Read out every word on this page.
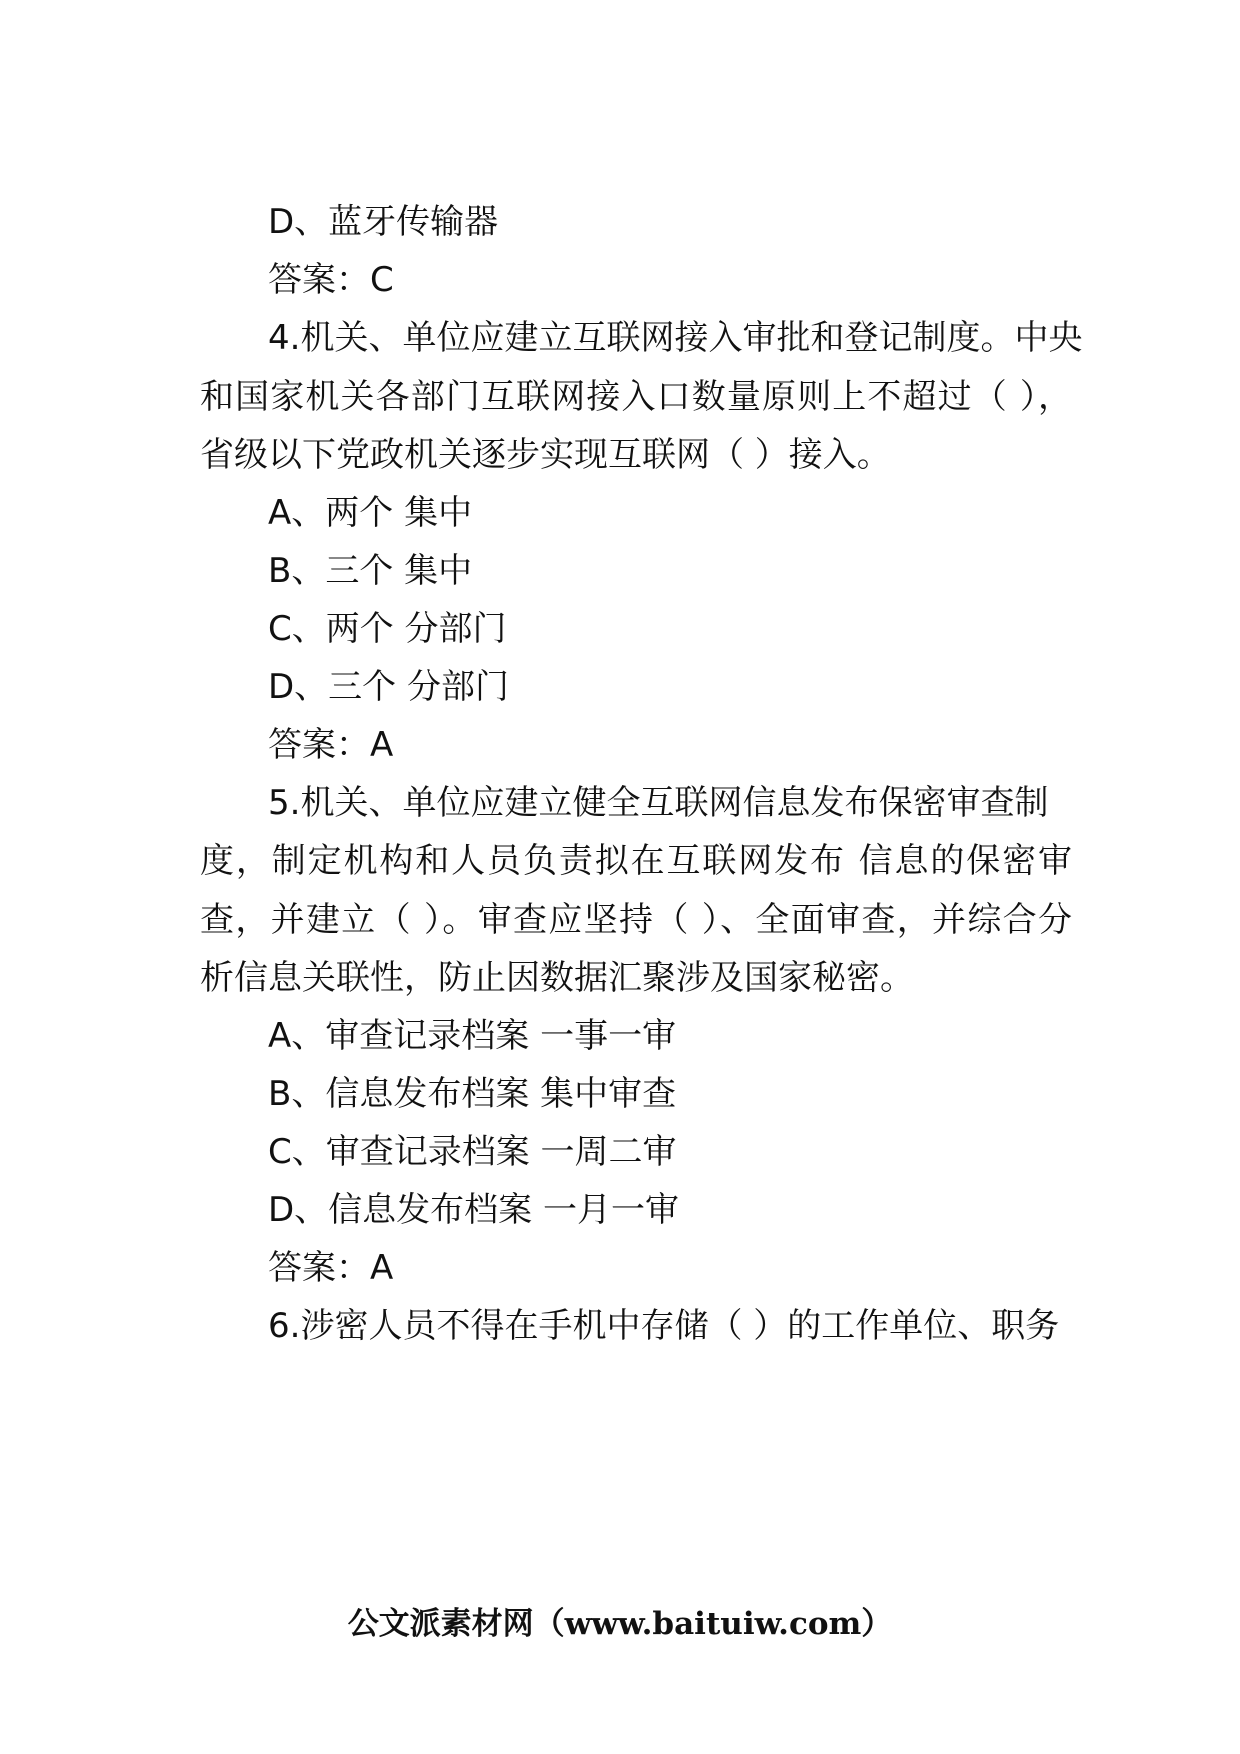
D、蓝牙传输器
答案：C
4.机关、单位应建立互联网接入审批和登记制度。中央
和国家机关各部门互联网接入口数量原则上不超过（ ），
省级以下党政机关逐步实现互联网（ ）接入。
A、两个 集中
B、三个 集中
C、两个 分部门
D、三个 分部门
答案：A
5.机关、单位应建立健全互联网信息发布保密审查制
度，制定机构和人员负责拟在互联网发布 信息的保密审
查，并建立（ ）。审查应坚持（ ）、全面审查，并综合分
析信息关联性，防止因数据汇聚涉及国家秘密。
A、审查记录档案 一事一审
B、信息发布档案 集中审查
C、审查记录档案 一周二审
D、信息发布档案 一月一审
答案：A
6.涉密人员不得在手机中存储（ ）的工作单位、职务
公文派素材网（www.baituiw.com）
